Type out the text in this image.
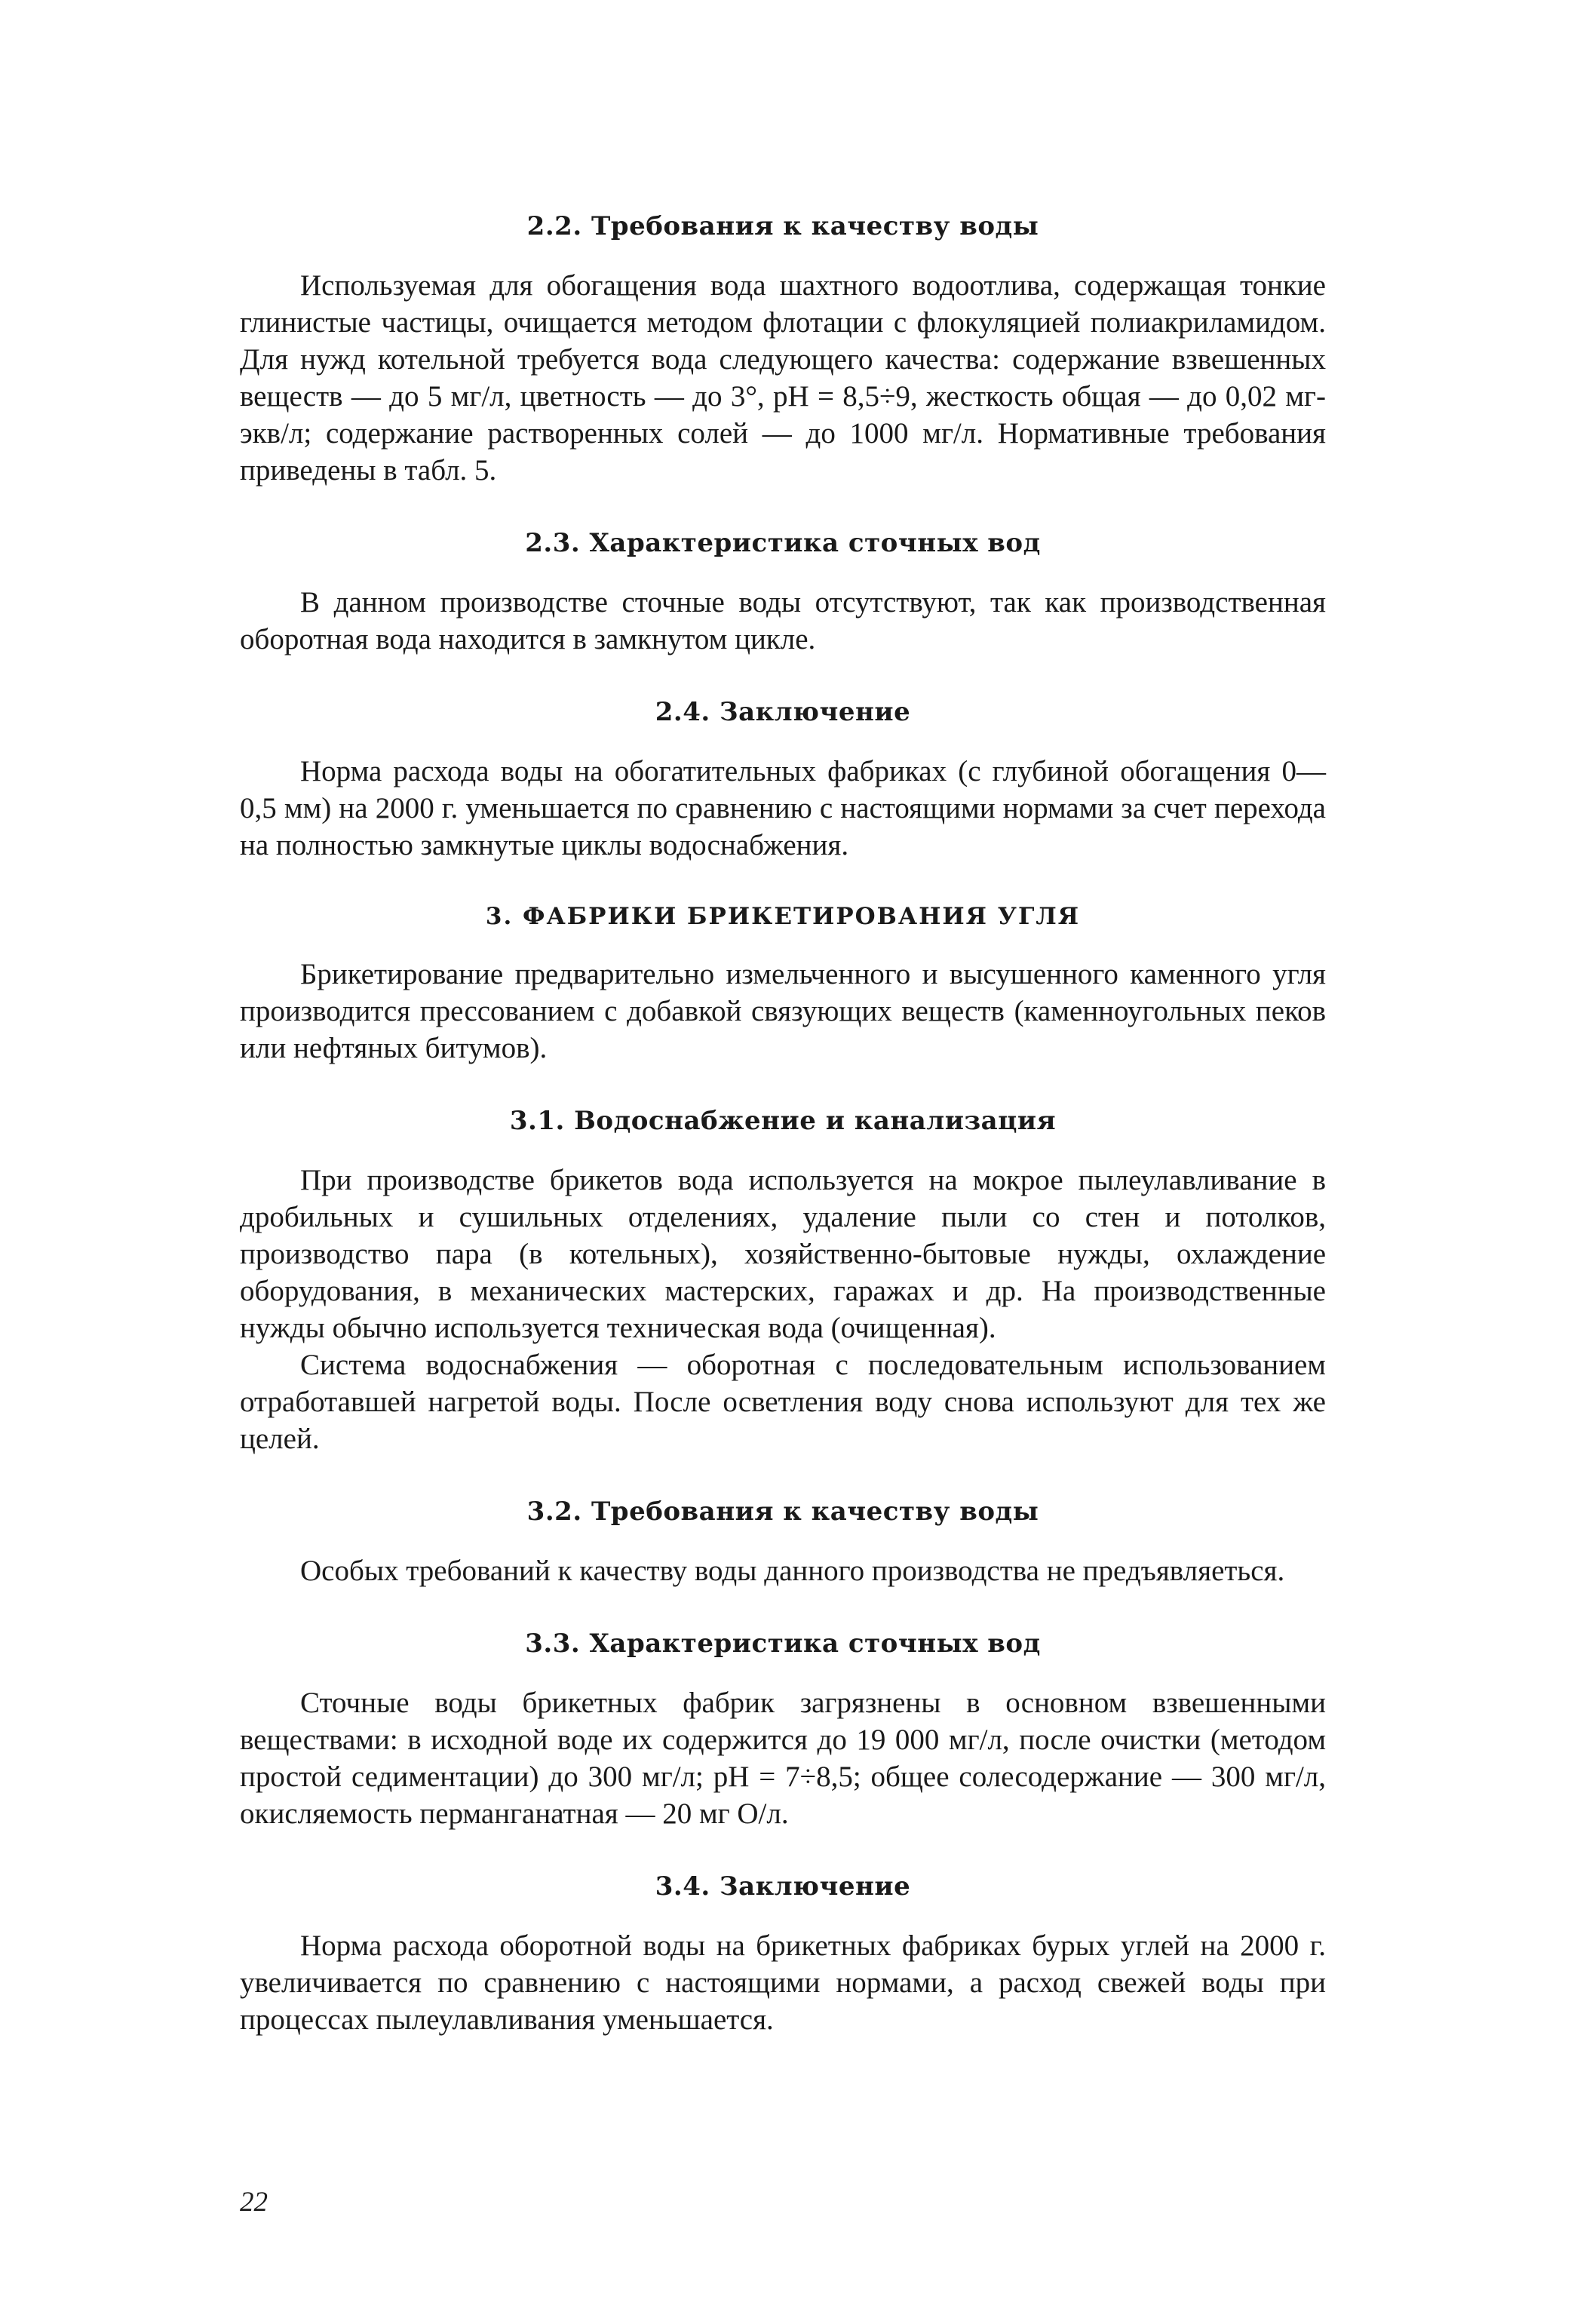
2.2. Требования к качеству воды

Используемая для обогащения вода шахтного водоотлива, содержащая тонкие глинистые частицы, очищается методом флотации с флокуляцией полиакриламидом. Для нужд котельной требуется вода следующего качества: содержание взвешенных веществ — до 5 мг/л, цветность — до 3°, pH = 8,5÷9, жесткость общая — до 0,02 мг-экв/л; содержание растворенных солей — до 1000 мг/л. Нормативные требования приведены в табл. 5.

2.3. Характеристика сточных вод

В данном производстве сточные воды отсутствуют, так как производственная оборотная вода находится в замкнутом цикле.

2.4. Заключение

Норма расхода воды на обогатительных фабриках (с глубиной обогащения 0—0,5 мм) на 2000 г. уменьшается по сравнению с настоящими нормами за счет перехода на полностью замкнутые циклы водоснабжения.

3. ФАБРИКИ БРИКЕТИРОВАНИЯ УГЛЯ

Брикетирование предварительно измельченного и высушенного каменного угля производится прессованием с добавкой связующих веществ (каменноугольных пеков или нефтяных битумов).

3.1. Водоснабжение и канализация

При производстве брикетов вода используется на мокрое пылеулавливание в дробильных и сушильных отделениях, удаление пыли со стен и потолков, производство пара (в котельных), хозяйственно-бытовые нужды, охлаждение оборудования, в механических мастерских, гаражах и др. На производственные нужды обычно используется техническая вода (очищенная).

Система водоснабжения — оборотная с последовательным использованием отработавшей нагретой воды. После осветления воду снова используют для тех же целей.

3.2. Требования к качеству воды

Особых требований к качеству воды данного производства не предъявляеться.

3.3. Характеристика сточных вод

Сточные воды брикетных фабрик загрязнены в основном взвешенными веществами: в исходной воде их содержится до 19 000 мг/л, после очистки (методом простой седиментации) до 300 мг/л; pH = 7÷8,5; общее солесодержание — 300 мг/л, окисляемость перманганатная — 20 мг О/л.

3.4. Заключение

Норма расхода оборотной воды на брикетных фабриках бурых углей на 2000 г. увеличивается по сравнению с настоящими нормами, а расход свежей воды при процессах пылеулавливания уменьшается.

22
